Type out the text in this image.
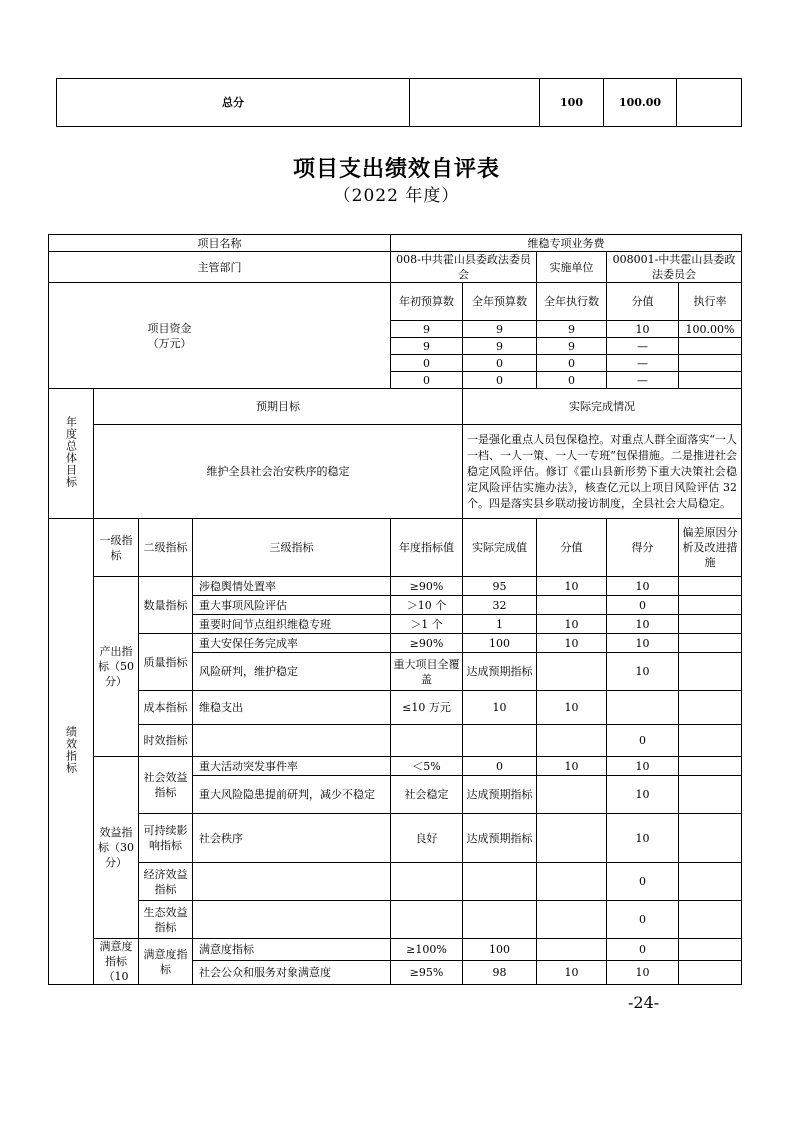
总分		100	100.00	
项目支出绩效自评表
（2022 年度）
项目名称				维稳专项业务费					
主管部门				008-中共霍山县委政法委员会		实施单位	008001-中共霍山县委政法委员会		

项目资金
（万元）				年初预算数	全年预算数	全年执行数	分值	执行率	
				9	9	9	10	100.00%	
				9	9	9	—		
				0	0	0	—		
				0	0	0	—		
年度总体目标	预期目标				实际完成情况				
	维护全县社会治安秩序的稳定				一是强化重点人员包保稳控。对重点人群全面落实“一人一档、一人一策、一人一专班”包保措施。二是推进社会稳定风险评估。修订《霍山县新形势下重大决策社会稳定风险评估实施办法》，核查亿元以上项目风险评估 32 个。四是落实县乡联动接访制度，全县社会大局稳定。				
绩效指标	一级指标	二级指标	三级指标	年度指标值	实际完成值	分值	得分	偏差原因分析及改进措施	
	产出指标（50分）	数量指标	涉稳舆情处置率	≥90%	95	10	10		
			重大事项风险评估	＞10 个	32		0		
			重要时间节点组织维稳专班	＞1 个	1	10	10		
		质量指标	重大安保任务完成率	≥90%	100	10	10		
			风险研判，维护稳定	重大项目全覆盖	达成预期指标		10		
		成本指标	维稳支出	≤10 万元	10	10			
		时效指标					0		
	效益指标（30分）	社会效益指标	重大活动突发事件率	＜5%	0	10	10		
			重大风险隐患提前研判，减少不稳定	社会稳定	达成预期指标		10		
		可持续影响指标	社会秩序	良好	达成预期指标		10		
		经济效益指标					0		
		生态效益指标					0		
	满意度指标（10	满意度指标	满意度指标	≥100%	100		0		
			社会公众和服务对象满意度	≥95%	98	10	10		
-24-
